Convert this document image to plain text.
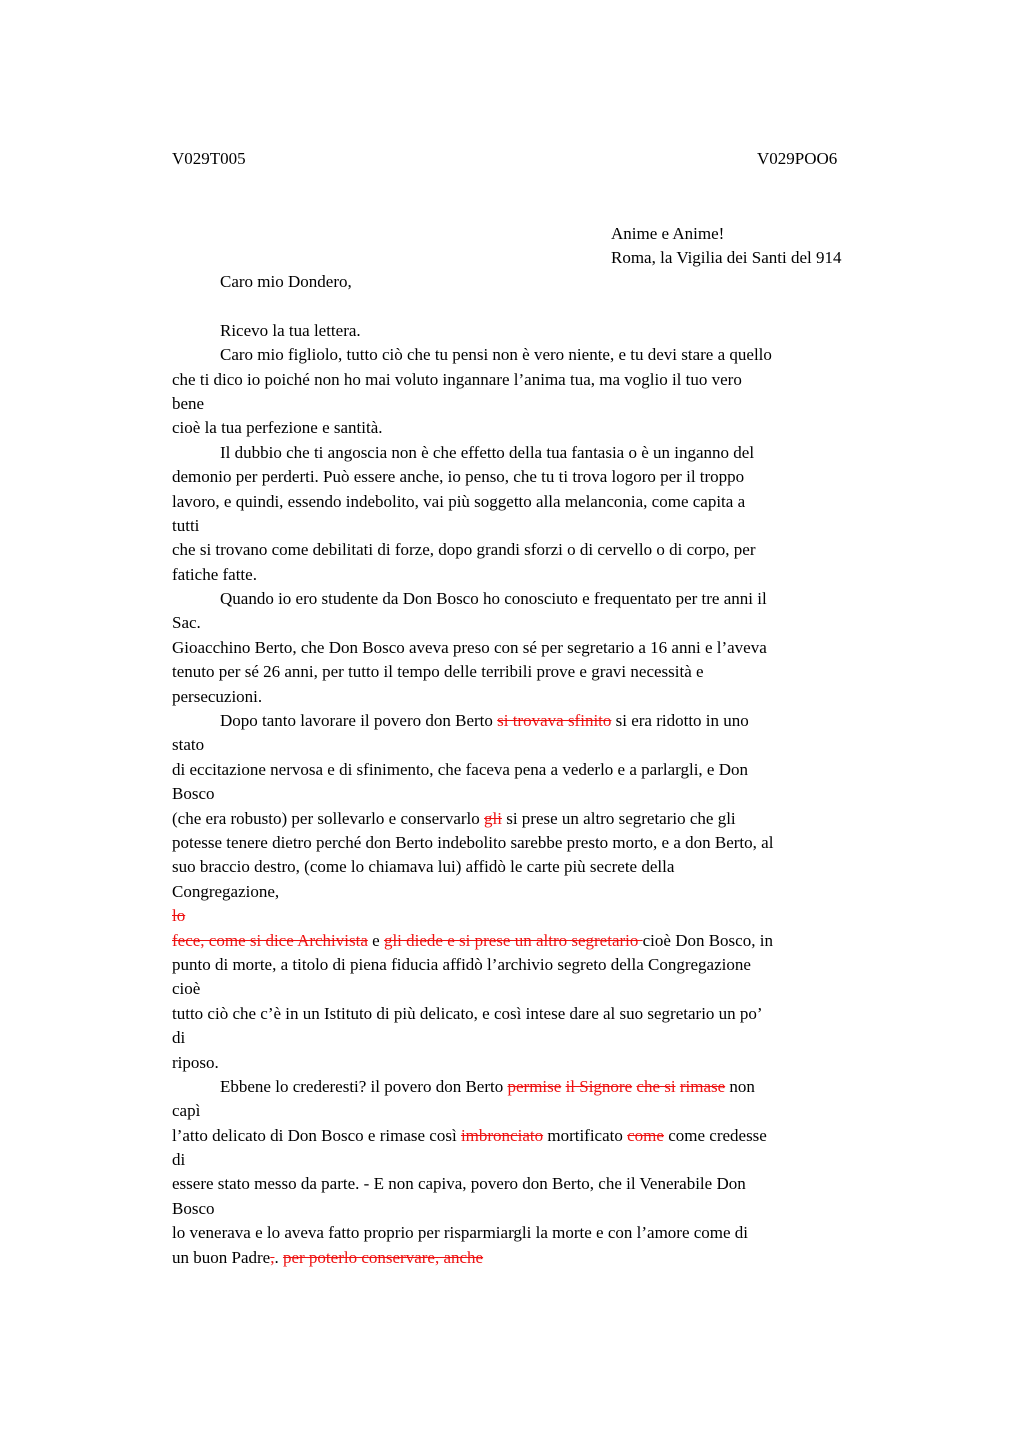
V029T005	V029POO6
Anime e Anime!
Roma, la Vigilia dei Santi del 914
Caro mio Dondero,
Ricevo la tua lettera.
Caro mio figliolo, tutto ciò che tu pensi non è vero niente, e tu devi stare a quello
che ti dico io poiché non ho mai voluto ingannare l’anima tua, ma voglio il tuo vero
bene
cioè la tua perfezione e santità.
Il dubbio che ti angoscia non è che effetto della tua fantasia o è un inganno del
demonio per perderti. Può essere anche, io penso, che tu ti trova logoro per il troppo
lavoro, e quindi, essendo indebolito, vai più soggetto alla melanconia, come capita a
tutti
che si trovano come debilitati di forze, dopo grandi sforzi o di cervello o di corpo, per
fatiche fatte.
Quando io ero studente da Don Bosco ho conosciuto e frequentato per tre anni il
Sac.
Gioacchino Berto, che Don Bosco aveva preso con sé per segretario a 16 anni e l’aveva
tenuto per sé 26 anni, per tutto il tempo delle terribili prove e gravi necessità e
persecuzioni.
Dopo tanto lavorare il povero don Berto si trovava sfinito si era ridotto in uno
stato
di eccitazione nervosa e di sfinimento, che faceva pena a vederlo e a parlargli, e Don
Bosco
(che era robusto) per sollevarlo e conservarlo gli si prese un altro segretario che gli
potesse tenere dietro perché don Berto indebolito sarebbe presto morto, e a don Berto, al
suo braccio destro, (come lo chiamava lui) affidò le carte più secrete della
Congregazione,
lo
fece, come si dice Archivista e gli diede e si prese un altro segretario cioè Don Bosco, in
punto di morte, a titolo di piena fiducia affidò l’archivio segreto della Congregazione
cioè
tutto ciò che c’è in un Istituto di più delicato, e così intese dare al suo segretario un po’
di
riposo.
Ebbene lo crederesti? il povero don Berto permise il Signore che si rimase non
capì
l’atto delicato di Don Bosco e rimase così imbronciato mortificato come come credesse
di
essere stato messo da parte. - E non capiva, povero don Berto, che il Venerabile Don
Bosco
lo venerava e lo aveva fatto proprio per risparmiargli la morte e con l’amore come di
un buon Padre,. per poterlo conservare, anche
